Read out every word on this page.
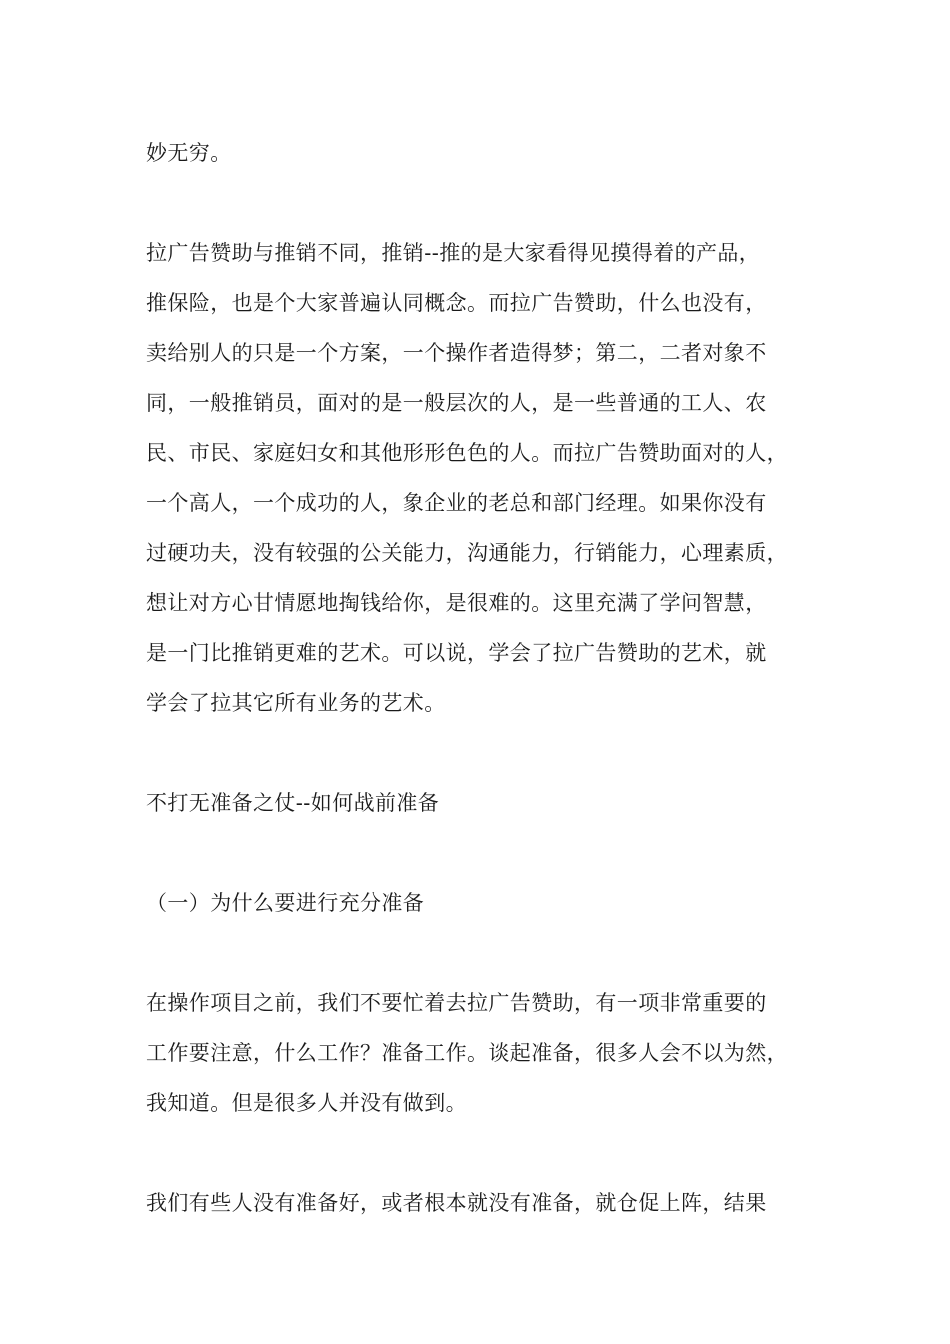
妙无穷。
拉广告赞助与推销不同，推销--推的是大家看得见摸得着的产品，
推保险，也是个大家普遍认同概念。而拉广告赞助，什么也没有，
卖给别人的只是一个方案，一个操作者造得梦；第二，二者对象不
同，一般推销员，面对的是一般层次的人，是一些普通的工人、农
民、市民、家庭妇女和其他形形色色的人。而拉广告赞助面对的人，
一个高人，一个成功的人，象企业的老总和部门经理。如果你没有
过硬功夫，没有较强的公关能力，沟通能力，行销能力，心理素质，
想让对方心甘情愿地掏钱给你，是很难的。这里充满了学问智慧，
是一门比推销更难的艺术。可以说，学会了拉广告赞助的艺术，就
学会了拉其它所有业务的艺术。
不打无准备之仗--如何战前准备
（一）为什么要进行充分准备
在操作项目之前，我们不要忙着去拉广告赞助，有一项非常重要的
工作要注意，什么工作？准备工作。谈起准备，很多人会不以为然，
我知道。但是很多人并没有做到。
我们有些人没有准备好，或者根本就没有准备，就仓促上阵，结果
